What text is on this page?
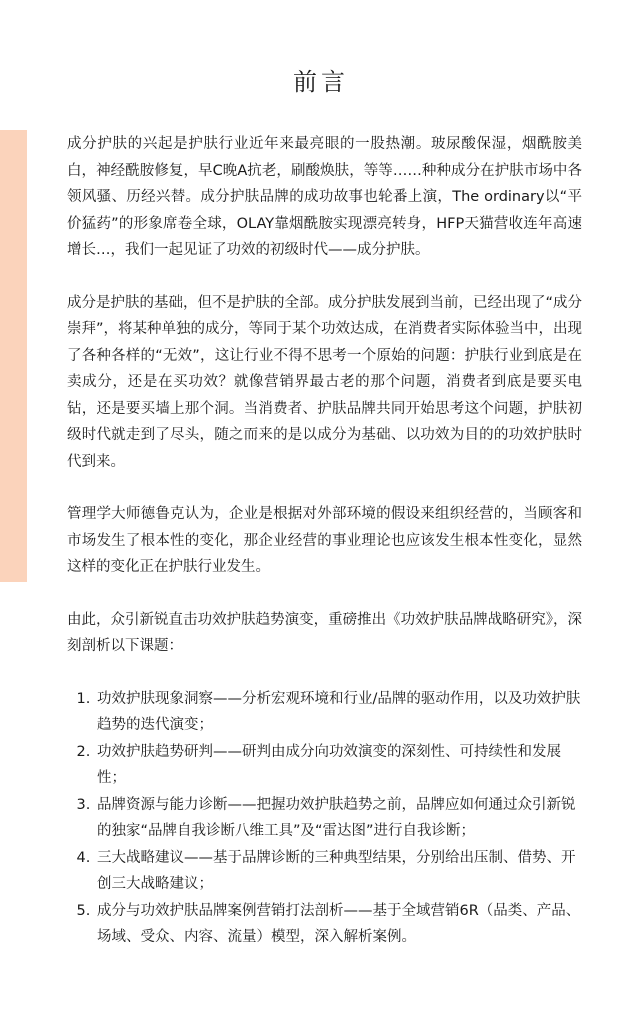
前言

成分护肤的兴起是护肤行业近年来最亮眼的一股热潮。玻尿酸保湿，烟酰胺美白，神经酰胺修复，早C晚A抗老，刷酸焕肤，等等……种种成分在护肤市场中各领风骚、历经兴替。成分护肤品牌的成功故事也轮番上演，The ordinary以“平价猛药”的形象席卷全球，OLAY靠烟酰胺实现漂亮转身，HFP天猫营收连年高速增长…，我们一起见证了功效的初级时代——成分护肤。

成分是护肤的基础，但不是护肤的全部。成分护肤发展到当前，已经出现了“成分崇拜”，将某种单独的成分，等同于某个功效达成，在消费者实际体验当中，出现了各种各样的“无效”，这让行业不得不思考一个原始的问题：护肤行业到底是在卖成分，还是在买功效？就像营销界最古老的那个问题，消费者到底是要买电钻，还是要买墙上那个洞。当消费者、护肤品牌共同开始思考这个问题，护肤初级时代就走到了尽头，随之而来的是以成分为基础、以功效为目的的功效护肤时代到来。

管理学大师德鲁克认为，企业是根据对外部环境的假设来组织经营的，当顾客和市场发生了根本性的变化，那企业经营的事业理论也应该发生根本性变化，显然这样的变化正在护肤行业发生。

由此，众引新锐直击功效护肤趋势演变，重磅推出《功效护肤品牌战略研究》，深刻剖析以下课题：

1. 功效护肤现象洞察——分析宏观环境和行业/品牌的驱动作用，以及功效护肤趋势的迭代演变；
2. 功效护肤趋势研判——研判由成分向功效演变的深刻性、可持续性和发展性；
3. 品牌资源与能力诊断——把握功效护肤趋势之前，品牌应如何通过众引新锐的独家“品牌自我诊断八维工具”及“雷达图”进行自我诊断；
4. 三大战略建议——基于品牌诊断的三种典型结果，分别给出压制、借势、开创三大战略建议；
5. 成分与功效护肤品牌案例营销打法剖析——基于全域营销6R（品类、产品、场域、受众、内容、流量）模型，深入解析案例。
